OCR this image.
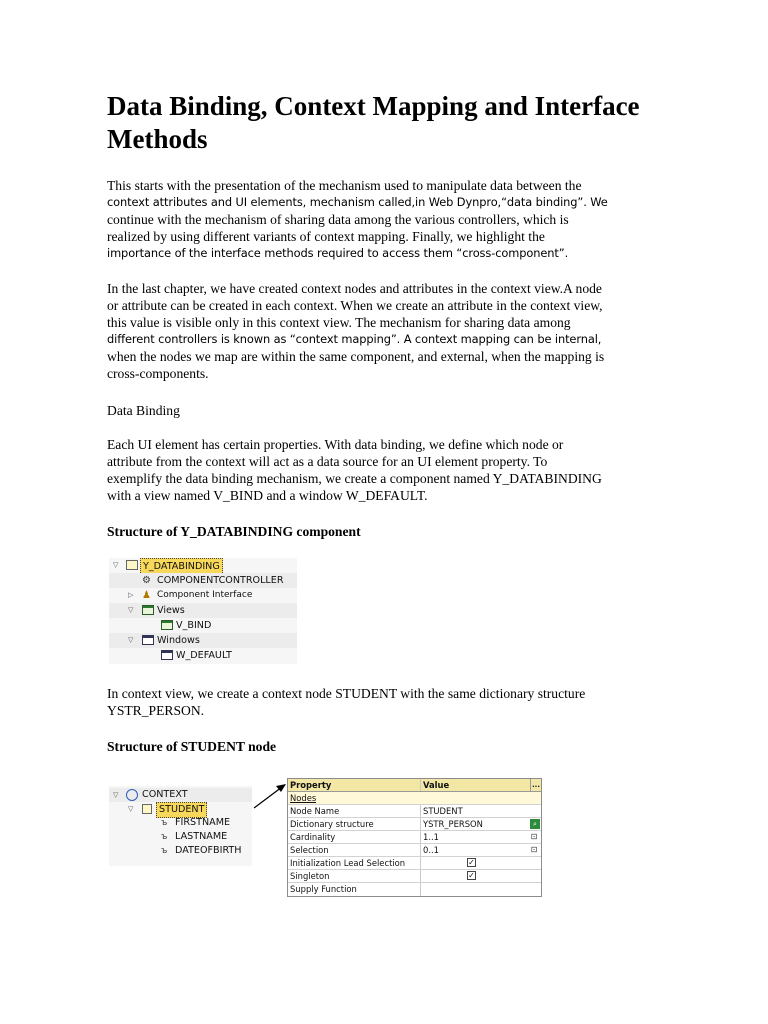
Data Binding, Context Mapping and Interface Methods

This starts with the presentation of the mechanism used to manipulate data between the

context attributes and UI elements, mechanism called,in Web Dynpro,“data binding”. We

continue with the mechanism of sharing data among the various controllers, which is

realized by using different variants of context mapping. Finally, we highlight the

importance of the interface methods required to access them “cross-component”.

In the last chapter, we have created context nodes and attributes in the context view.A node

or attribute can be created in each context. When we create an attribute in the context view,

this value is visible only in this context view. The mechanism for sharing data among

different controllers is known as “context mapping”. A context mapping can be internal,

when the nodes we map are within the same component, and external, when the mapping is

cross-components.

Data Binding

Each UI element has certain properties. With data binding, we define which node or

attribute from the context will act as a data source for an UI element property. To

exemplify the data binding mechanism, we create a component named Y_DATABINDING

with a view named V_BIND and a window W_DEFAULT.

Structure of Y_DATABINDING component

▽	Y_DATABINDING
⚙ COMPONENTCONTROLLER
▷ ♟ Component Interface
▽ Views
V_BIND
▽ Windows
W_DEFAULT

In context view, we create a context node STUDENT with the same dictionary structure

YSTR_PERSON.

Structure of STUDENT node

▽ CONTEXT
▽	STUDENT
ъ FIRSTNAME
ъ LASTNAME
ъ DATEOFBIRTH
Property	Value	...
Nodes
Node Name	STUDENT
Dictionary structure	YSTR_PERSON	⌕
Cardinality	1..1	⊡
Selection	0..1	⊡
Initialization Lead Selection	✓
Singleton	✓
Supply Function
